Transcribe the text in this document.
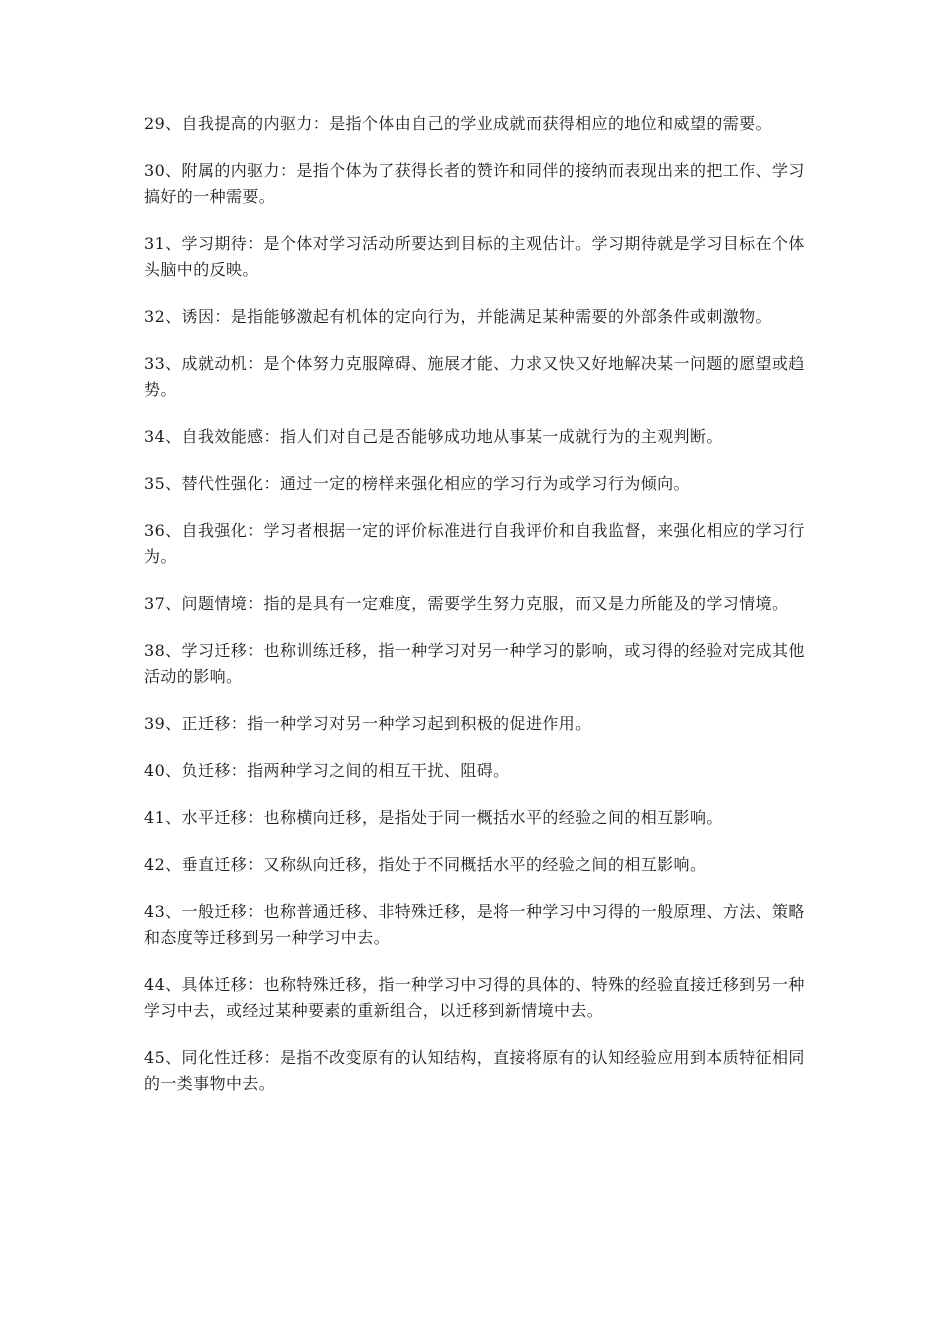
29、自我提高的内驱力：是指个体由自己的学业成就而获得相应的地位和威望的需要。

30、附属的内驱力：是指个体为了获得长者的赞许和同伴的接纳而表现出来的把工作、学习搞好的一种需要。

31、学习期待：是个体对学习活动所要达到目标的主观估计。学习期待就是学习目标在个体头脑中的反映。

32、诱因：是指能够激起有机体的定向行为，并能满足某种需要的外部条件或刺激物。

33、成就动机：是个体努力克服障碍、施展才能、力求又快又好地解决某一问题的愿望或趋势。

34、自我效能感：指人们对自己是否能够成功地从事某一成就行为的主观判断。

35、替代性强化：通过一定的榜样来强化相应的学习行为或学习行为倾向。

36、自我强化：学习者根据一定的评价标准进行自我评价和自我监督，来强化相应的学习行为。

37、问题情境：指的是具有一定难度，需要学生努力克服，而又是力所能及的学习情境。

38、学习迁移：也称训练迁移，指一种学习对另一种学习的影响，或习得的经验对完成其他活动的影响。

39、正迁移：指一种学习对另一种学习起到积极的促进作用。

40、负迁移：指两种学习之间的相互干扰、阻碍。

41、水平迁移：也称横向迁移，是指处于同一概括水平的经验之间的相互影响。

42、垂直迁移：又称纵向迁移，指处于不同概括水平的经验之间的相互影响。

43、一般迁移：也称普通迁移、非特殊迁移，是将一种学习中习得的一般原理、方法、策略和态度等迁移到另一种学习中去。

44、具体迁移：也称特殊迁移，指一种学习中习得的具体的、特殊的经验直接迁移到另一种学习中去，或经过某种要素的重新组合，以迁移到新情境中去。

45、同化性迁移：是指不改变原有的认知结构，直接将原有的认知经验应用到本质特征相同的一类事物中去。
